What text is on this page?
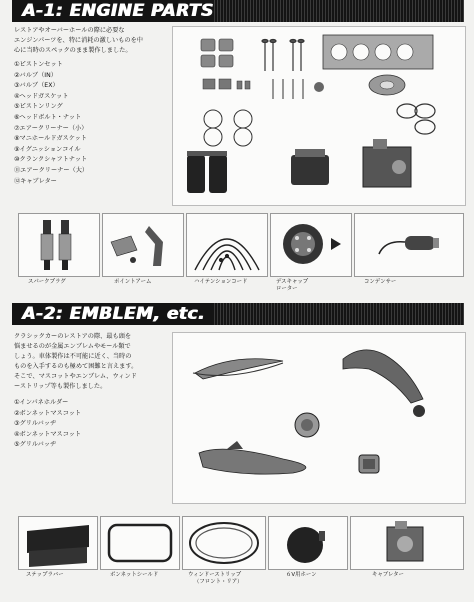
A-1: ENGINE PARTS
レストアやオーバーホールの際に必要な
エンジンパーツを、特に消耗の激しいものを中
心に当時のスペックのまま製作しました。
①ピストンセット
②バルブ（IN）
③バルブ（EX）
④ヘッドガスケット
⑤ピストンリング
⑥ヘッドボルト・ナット
⑦エアークリーナー（小）
⑧マニホールドガスケット
⑨イグニッションコイル
⑩クランクシャフトナット
⑪エアークリーナー（大）
⑫キャブレター
スパークプラグ	ポイントアーム	ハイテンションコード	デスキャップ
ローター
コンデンサー
A-2: EMBLEM, etc.
クラシックカーのレストアの際、最も頭を
悩ませるのが金属エンブレムやモール類で
しょう。車体製作は不可能に近く、当時の
ものを入手するのも極めて困難と言えます。
そこで、マスコットやエンブレム、ウィンド
ーストリップ等も製作しました。
①インパネホルダー
②ボンネットマスコット
③グリルバッヂ
④ボンネットマスコット
⑤グリルバッヂ
ステップラバー	ボンネットシールド	ウィンドーストリップ
（フロント・リア）
６V用ホーン	キャブレター
